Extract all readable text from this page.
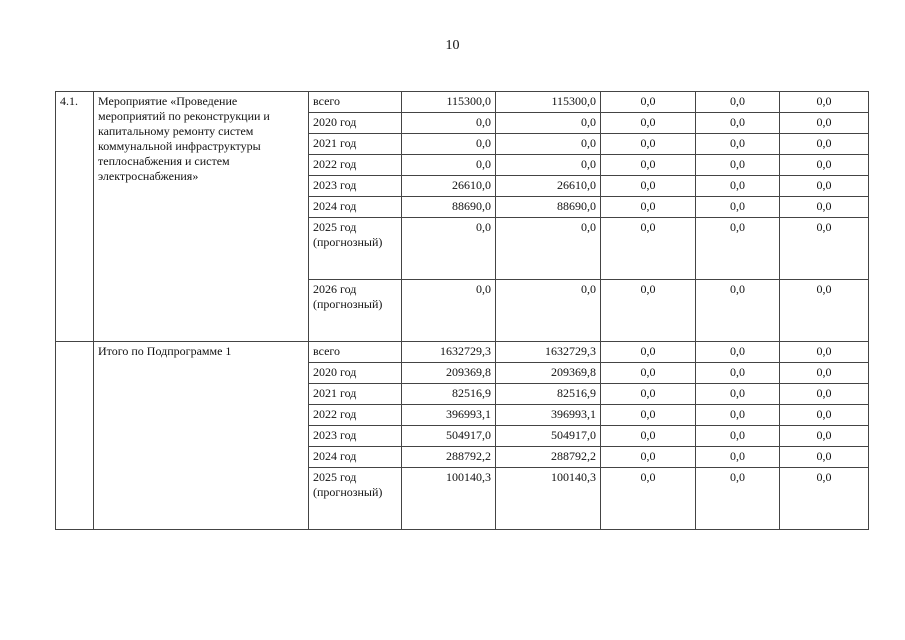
10
4.1.	Мероприятие «Проведение мероприятий по реконструкции и капитальному ремонту систем коммунальной инфраструктуры теплоснабжения и систем электроснабжения»	всего	115300,0	115300,0	0,0	0,0	0,0
		2020 год	0,0	0,0	0,0	0,0	0,0
		2021 год	0,0	0,0	0,0	0,0	0,0
		2022 год	0,0	0,0	0,0	0,0	0,0
		2023 год	26610,0	26610,0	0,0	0,0	0,0
		2024 год	88690,0	88690,0	0,0	0,0	0,0
		2025 год (прогнозный)	0,0	0,0	0,0	0,0	0,0
		2026 год (прогнозный)	0,0	0,0	0,0	0,0	0,0
	Итого по Подпрограмме 1	всего	1632729,3	1632729,3	0,0	0,0	0,0
		2020 год	209369,8	209369,8	0,0	0,0	0,0
		2021 год	82516,9	82516,9	0,0	0,0	0,0
		2022 год	396993,1	396993,1	0,0	0,0	0,0
		2023 год	504917,0	504917,0	0,0	0,0	0,0
		2024 год	288792,2	288792,2	0,0	0,0	0,0
		2025 год (прогнозный)	100140,3	100140,3	0,0	0,0	0,0
